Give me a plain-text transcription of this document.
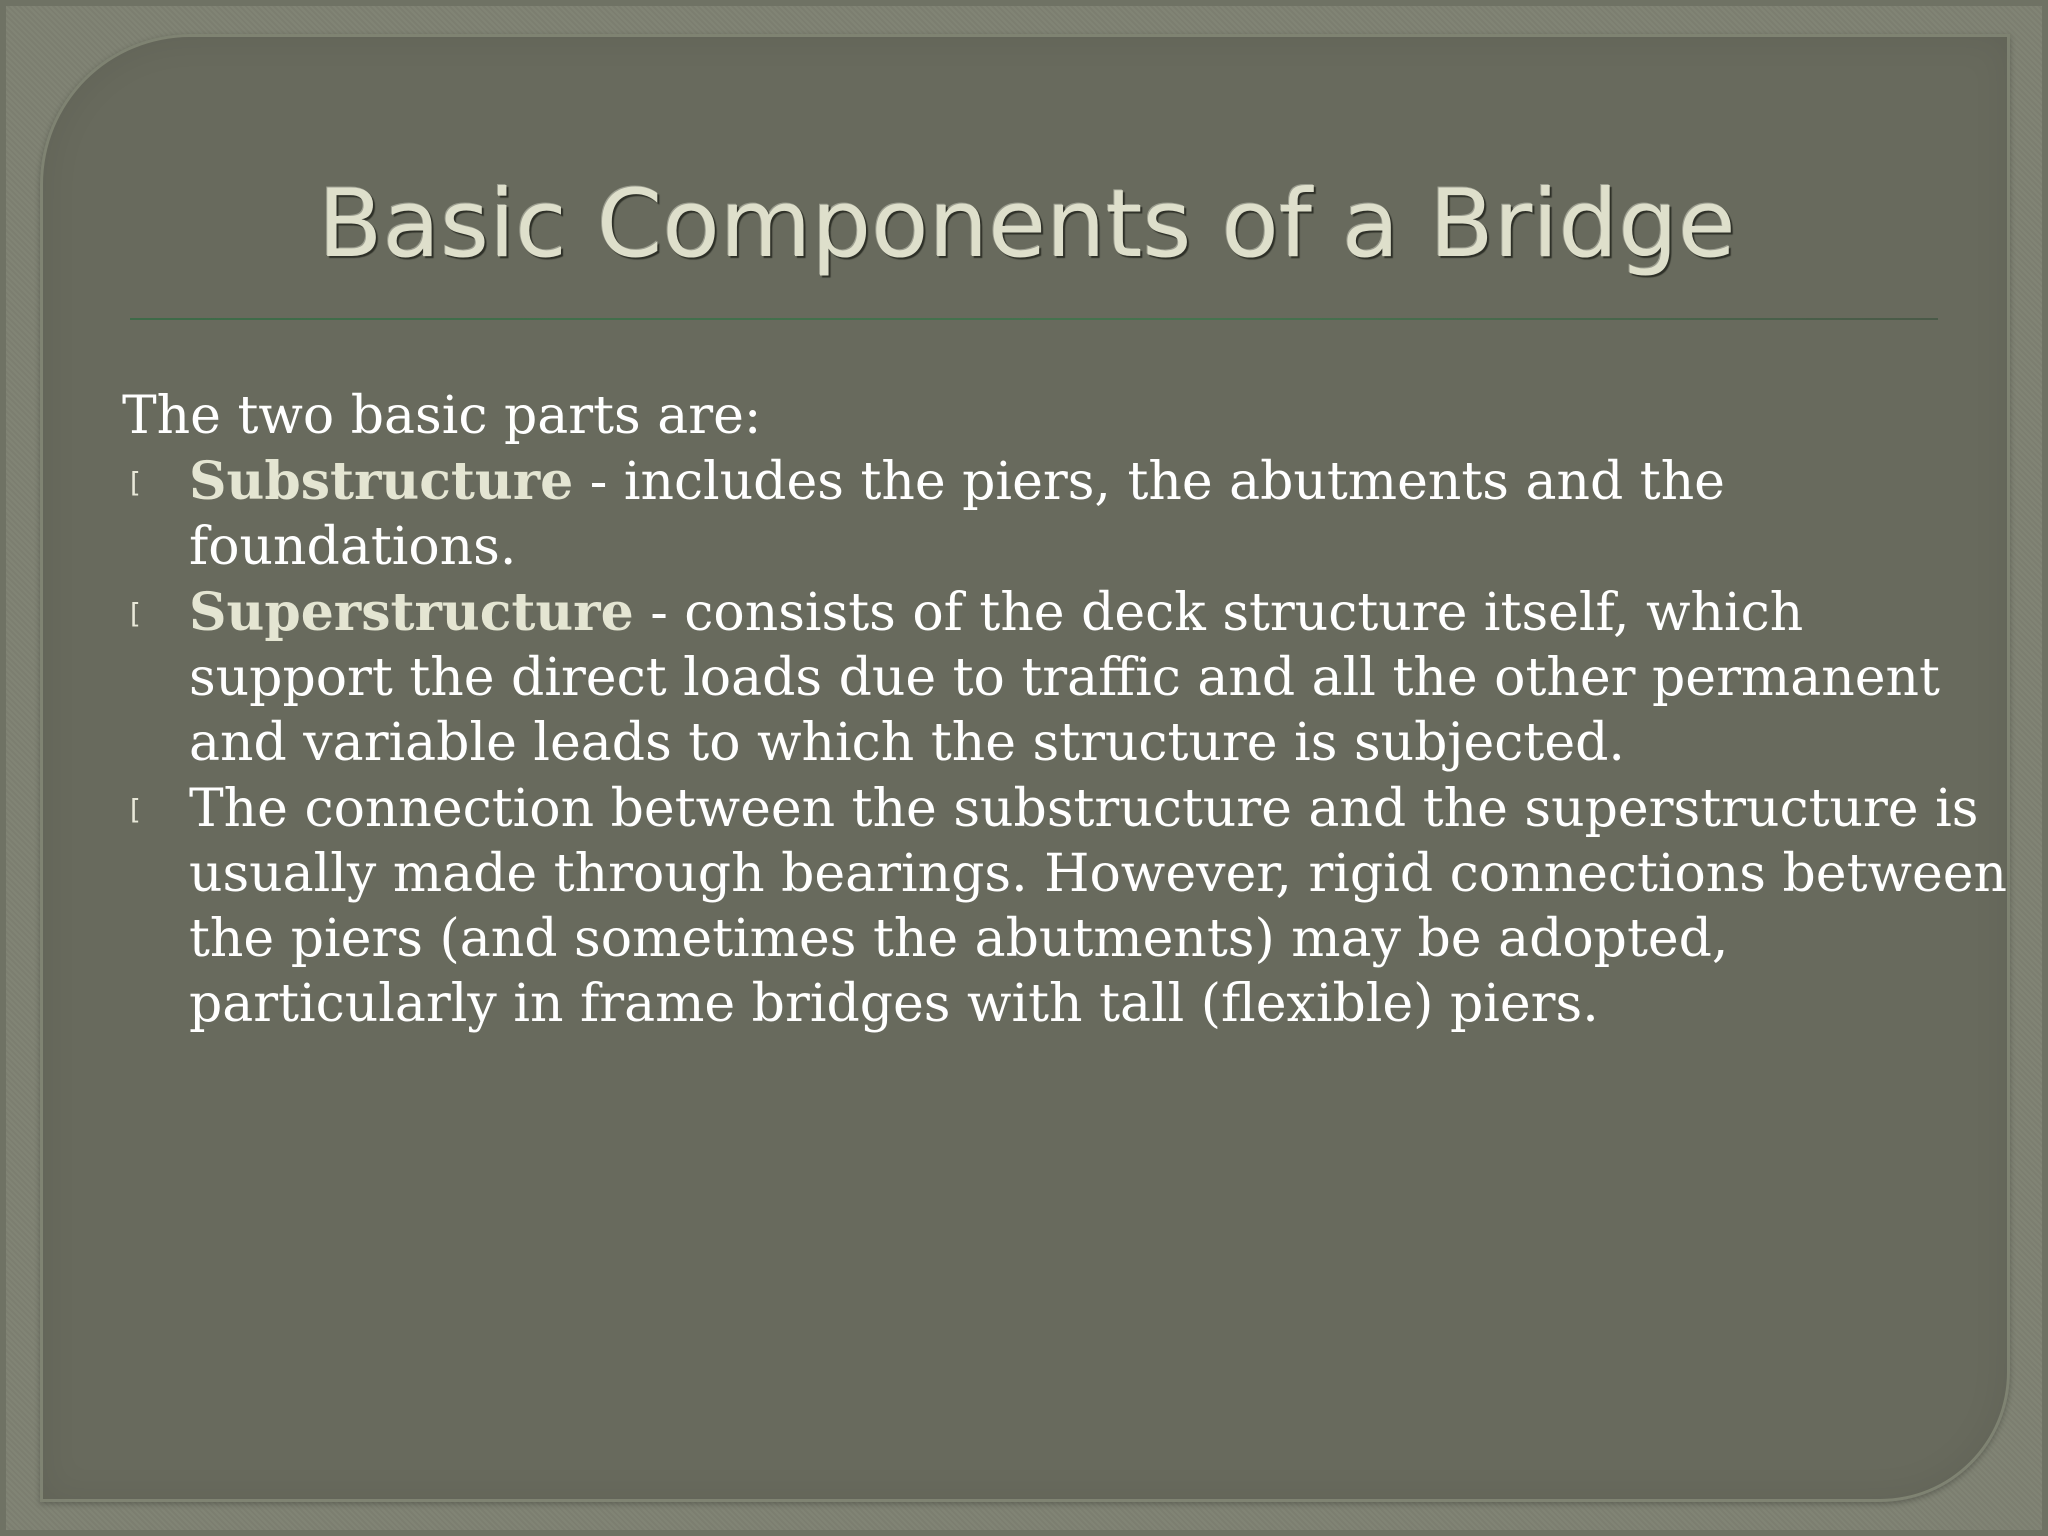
Basic Components of a Bridge

The two basic parts are:

[ Substructure - includes the piers, the abutments and the foundations.
[ Superstructure - consists of the deck structure itself, which support the direct loads due to traffic and all the other permanent and variable leads to which the structure is subjected.
[ The connection between the substructure and the superstructure is usually made through bearings. However, rigid connections between the piers (and sometimes the abutments) may be adopted, particularly in frame bridges with tall (flexible) piers.
